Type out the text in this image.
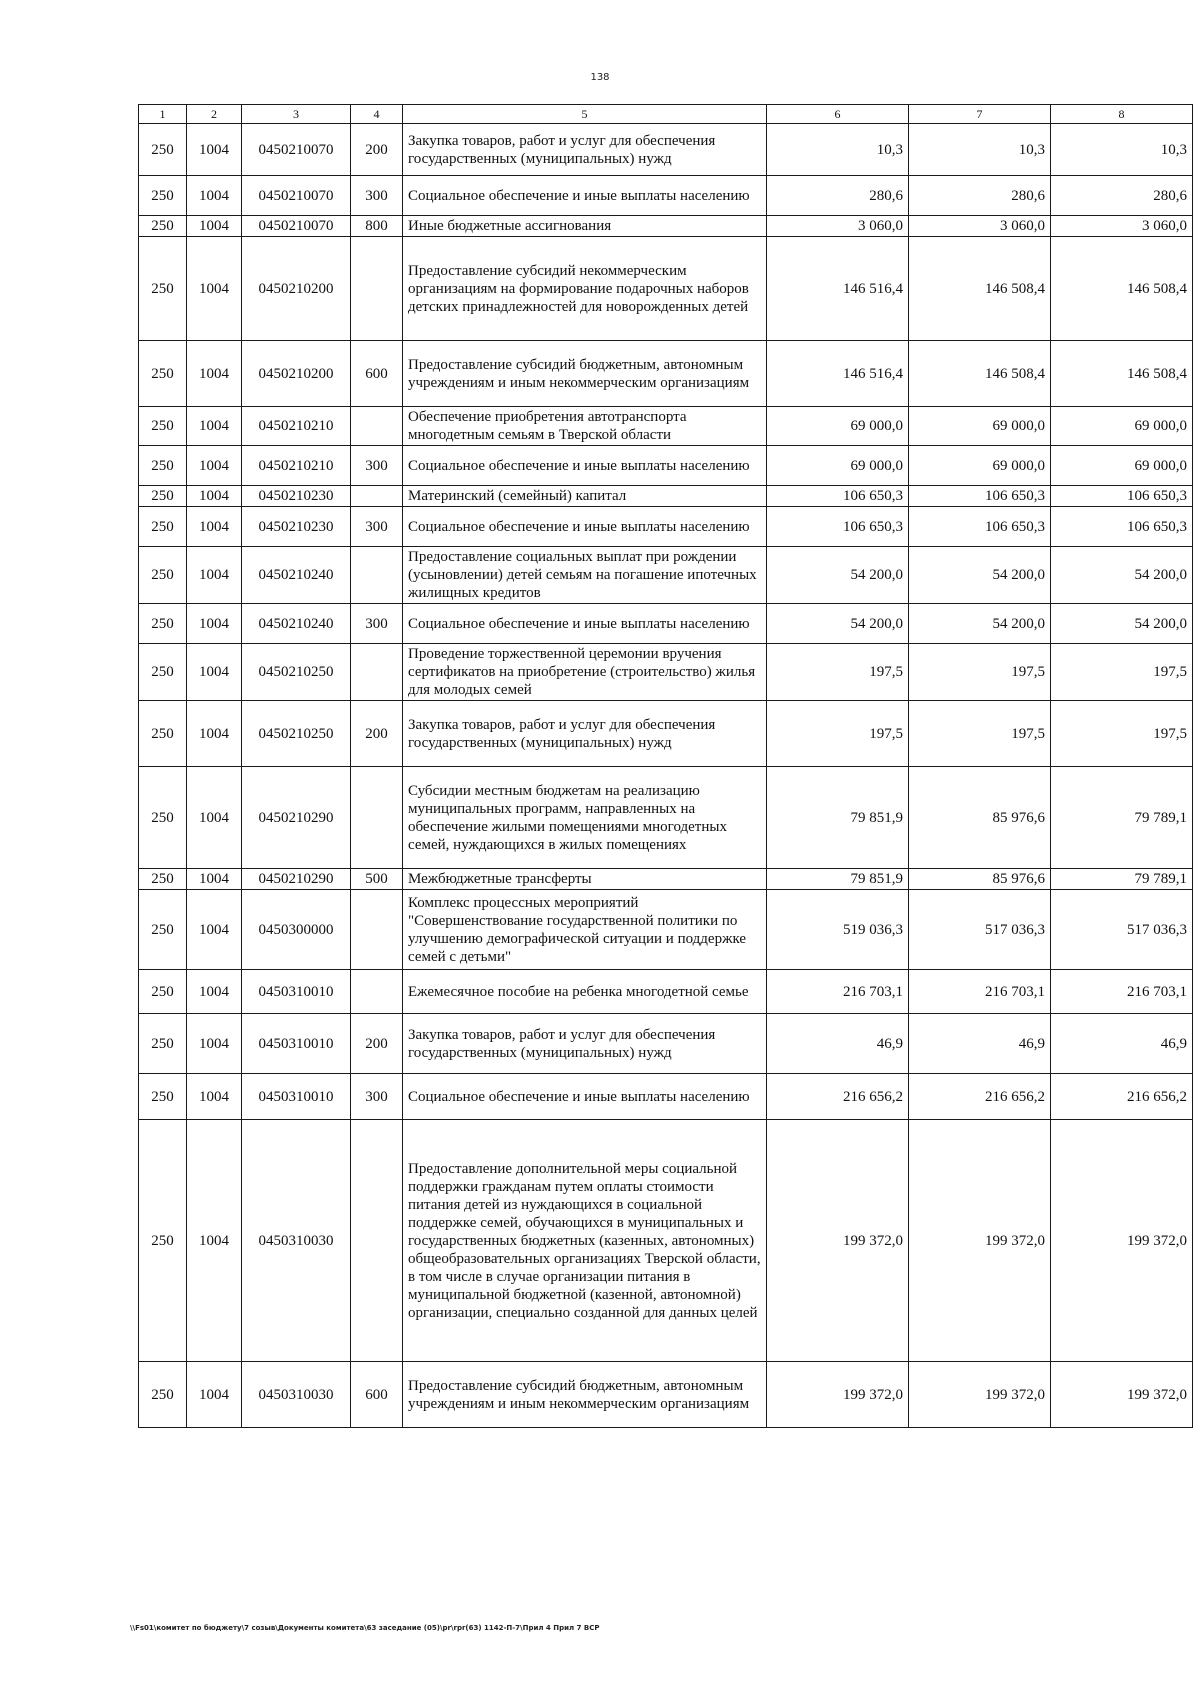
138
1	2	3	4	5	6	7	8
250	1004	0450210070	200	Закупка товаров, работ и услуг для обеспечения государственных (муниципальных) нужд	10,3	10,3	10,3
250	1004	0450210070	300	Социальное обеспечение и иные выплаты населению	280,6	280,6	280,6
250	1004	0450210070	800	Иные бюджетные ассигнования	3 060,0	3 060,0	3 060,0
250	1004	0450210200		Предоставление субсидий некоммерческим организациям на формирование подарочных наборов детских принадлежностей для новорожденных детей	146 516,4	146 508,4	146 508,4
250	1004	0450210200	600	Предоставление субсидий бюджетным, автономным учреждениям и иным некоммерческим организациям	146 516,4	146 508,4	146 508,4
250	1004	0450210210		Обеспечение приобретения автотранспорта многодетным семьям в Тверской области	69 000,0	69 000,0	69 000,0
250	1004	0450210210	300	Социальное обеспечение и иные выплаты населению	69 000,0	69 000,0	69 000,0
250	1004	0450210230		Материнский (семейный) капитал	106 650,3	106 650,3	106 650,3
250	1004	0450210230	300	Социальное обеспечение и иные выплаты населению	106 650,3	106 650,3	106 650,3
250	1004	0450210240		Предоставление социальных выплат при рождении (усыновлении) детей семьям на погашение ипотечных жилищных кредитов	54 200,0	54 200,0	54 200,0
250	1004	0450210240	300	Социальное обеспечение и иные выплаты населению	54 200,0	54 200,0	54 200,0
250	1004	0450210250		Проведение торжественной церемонии вручения сертификатов на приобретение (строительство) жилья для молодых семей	197,5	197,5	197,5
250	1004	0450210250	200	Закупка товаров, работ и услуг для обеспечения государственных (муниципальных) нужд	197,5	197,5	197,5
250	1004	0450210290		Субсидии местным бюджетам на реализацию муниципальных программ, направленных на обеспечение жилыми помещениями многодетных семей, нуждающихся в жилых помещениях	79 851,9	85 976,6	79 789,1
250	1004	0450210290	500	Межбюджетные трансферты	79 851,9	85 976,6	79 789,1
250	1004	0450300000		Комплекс процессных мероприятий "Совершенствование государственной политики по улучшению демографической ситуации и поддержке семей с детьми"	519 036,3	517 036,3	517 036,3
250	1004	0450310010		Ежемесячное пособие на ребенка многодетной семье	216 703,1	216 703,1	216 703,1
250	1004	0450310010	200	Закупка товаров, работ и услуг для обеспечения государственных (муниципальных) нужд	46,9	46,9	46,9
250	1004	0450310010	300	Социальное обеспечение и иные выплаты населению	216 656,2	216 656,2	216 656,2
250	1004	0450310030		Предоставление дополнительной меры социальной поддержки гражданам путем оплаты стоимости питания детей из нуждающихся в социальной поддержке семей, обучающихся в муниципальных и государственных бюджетных (казенных, автономных) общеобразовательных организациях Тверской области, в том числе в случае организации питания в муниципальной бюджетной (казенной, автономной) организации, специально созданной для данных целей	199 372,0	199 372,0	199 372,0
250	1004	0450310030	600	Предоставление субсидий бюджетным, автономным учреждениям и иным некоммерческим организациям	199 372,0	199 372,0	199 372,0
\\Fs01\комитет по бюджету\7 созыв\Документы комитета\63 заседание (05)\pr\rpr(63) 1142-П-7\Прил 4 Прил 7 ВСР
